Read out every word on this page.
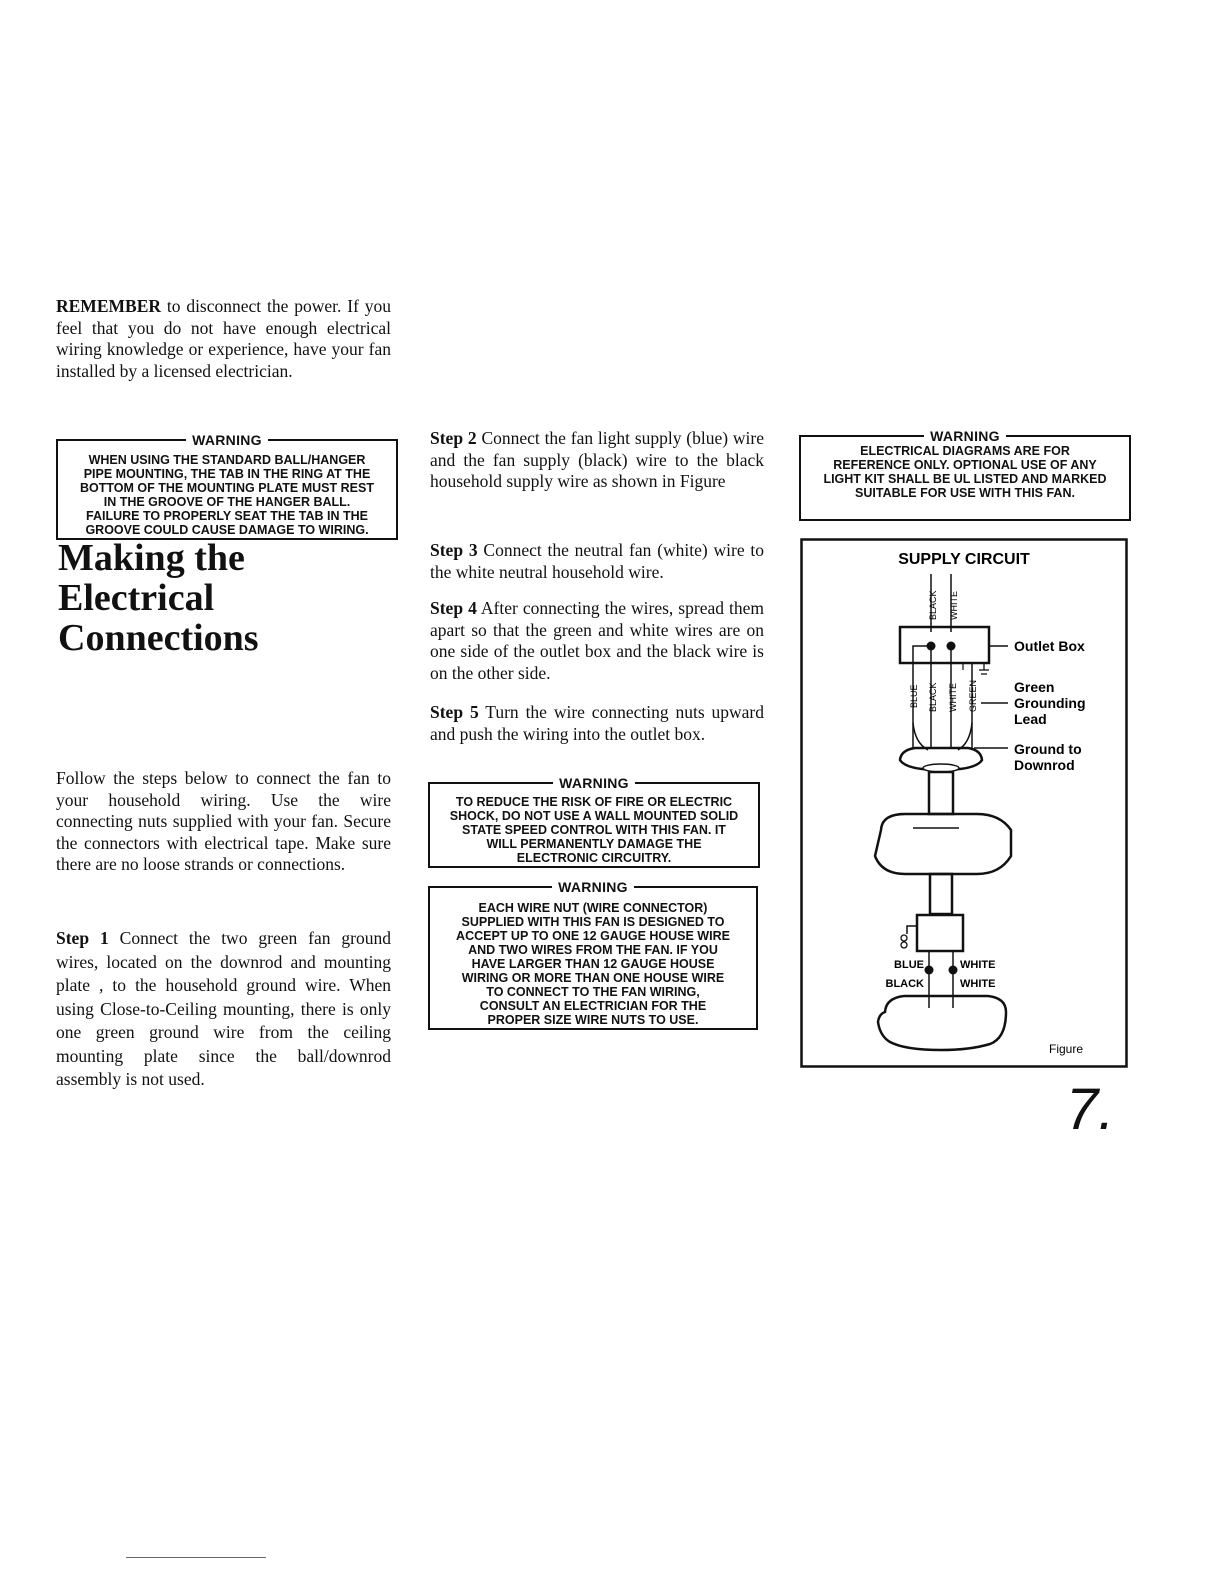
WARNING
WHEN USING THE STANDARD BALL/HANGER
PIPE MOUNTING, THE TAB IN THE RING AT THE
BOTTOM OF THE MOUNTING PLATE MUST REST
IN THE GROOVE OF THE HANGER BALL.
FAILURE TO PROPERLY SEAT THE TAB IN THE
GROOVE COULD CAUSE DAMAGE TO WIRING.
Making the Electrical Connections
REMEMBER to disconnect the power. If you feel that you do not have enough electrical wiring knowledge or experience, have your fan installed by a licensed electrician.
Follow the steps below to connect the fan to your household wiring. Use the wire connecting nuts supplied with your fan. Secure the connectors with electrical tape. Make sure there are no loose strands or connections.
Step 1 Connect the two green fan ground wires, located on the downrod and mounting plate , to the household ground wire. When using Close-to-Ceiling mounting, there is only one green ground wire from the ceiling mounting plate since the ball/downrod assembly is not used.
Step 2 Connect the fan light supply (blue) wire and the fan supply (black) wire to the black household supply wire as shown in Figure
Step 3 Connect the neutral fan (white) wire to the white neutral household wire.
Step 4 After connecting the wires, spread them apart so that the green and white wires are on one side of the outlet box and the black wire is on the other side.
Step 5 Turn the wire connecting nuts upward and push the wiring into the outlet box.
WARNING
TO REDUCE THE RISK OF FIRE OR ELECTRIC
SHOCK, DO NOT USE A WALL MOUNTED SOLID
STATE SPEED CONTROL WITH THIS FAN. IT
WILL PERMANENTLY DAMAGE THE
ELECTRONIC CIRCUITRY.
WARNING
EACH WIRE NUT (WIRE CONNECTOR)
SUPPLIED WITH THIS FAN IS DESIGNED TO
ACCEPT UP TO ONE 12 GAUGE HOUSE WIRE
AND TWO WIRES FROM THE FAN. IF YOU
HAVE LARGER THAN 12 GAUGE HOUSE
WIRING OR MORE THAN ONE HOUSE WIRE
TO CONNECT TO THE FAN WIRING,
CONSULT AN ELECTRICIAN FOR THE
PROPER SIZE WIRE NUTS TO USE.
WARNING
ELECTRICAL DIAGRAMS ARE FOR
REFERENCE ONLY. OPTIONAL USE OF ANY
LIGHT KIT SHALL BE UL LISTED AND MARKED
SUITABLE FOR USE WITH THIS FAN.
SUPPLY CIRCUIT
BLACK WHITE
Outlet Box
BLUE BLACK WHITE GREEN	Green
Grounding
Lead
Ground to
Downrod
BLUE
BLACK
WHITE
WHITE
Figure
7.
